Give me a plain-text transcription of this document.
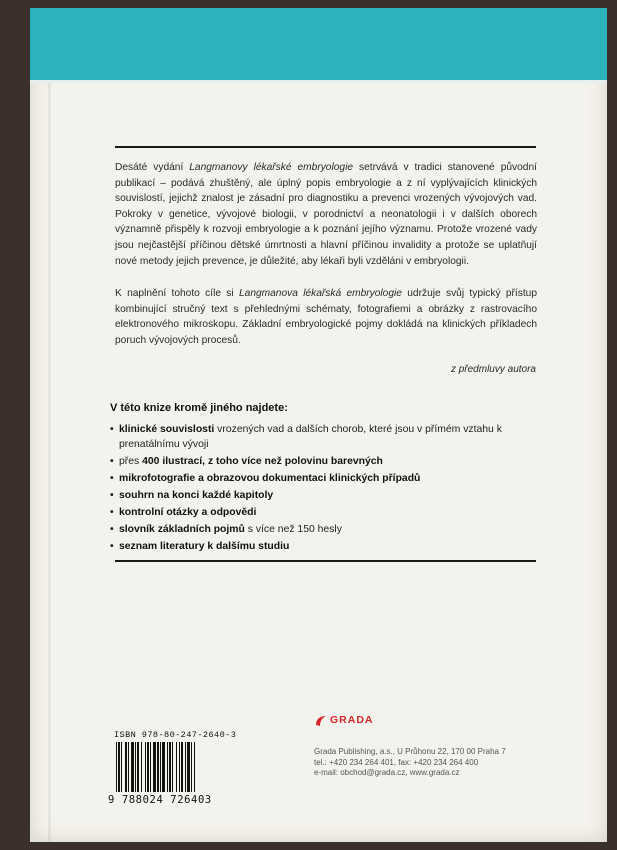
Desáté vydání Langmanovy lékařské embryologie setrvává v tradici stanovené původní publikací – podává zhuštěný, ale úplný popis embryologie a z ní vyplývajících klinických souvislostí, jejichž znalost je zásadní pro diagnostiku a prevenci vrozených vývojových vad. Pokroky v genetice, vývojové biologii, v porodnictví a neonatologii i v dalších oborech významně přispěly k rozvoji embryologie a k poznání jejího významu. Protože vrozené vady jsou nejčastější příčinou dětské úmrtnosti a hlavní příčinou invalidity a protože se uplatňují nové metody jejich prevence, je důležité, aby lékaři byli vzděláni v embryologii.

K naplnění tohoto cíle si Langmanova lékařská embryologie udržuje svůj typický přístup kombinující stručný text s přehlednými schématy, fotografiemi a obrázky z rastrovacího elektronového mikroskopu. Základní embryologické pojmy dokládá na klinických příkladech poruch vývojových procesů.

z předmluvy autora
V této knize kromě jiného najdete:
• klinické souvislosti vrozených vad a dalších chorob, které jsou v přímém vztahu k prenatálnímu vývoji
• přes 400 ilustrací, z toho více než polovinu barevných
• mikrofotografie a obrazovou dokumentaci klinických případů
• souhrn na konci každé kapitoly
• kontrolní otázky a odpovědi
• slovník základních pojmů s více než 150 hesly
• seznam literatury k dalšímu studiu
ISBN 978-80-247-2640-3
9 788024 726403
GRADA
Grada Publishing, a.s., U Průhonu 22, 170 00 Praha 7
tel.: +420 234 264 401, fax: +420 234 264 400
e-mail: obchod@grada.cz, www.grada.cz
